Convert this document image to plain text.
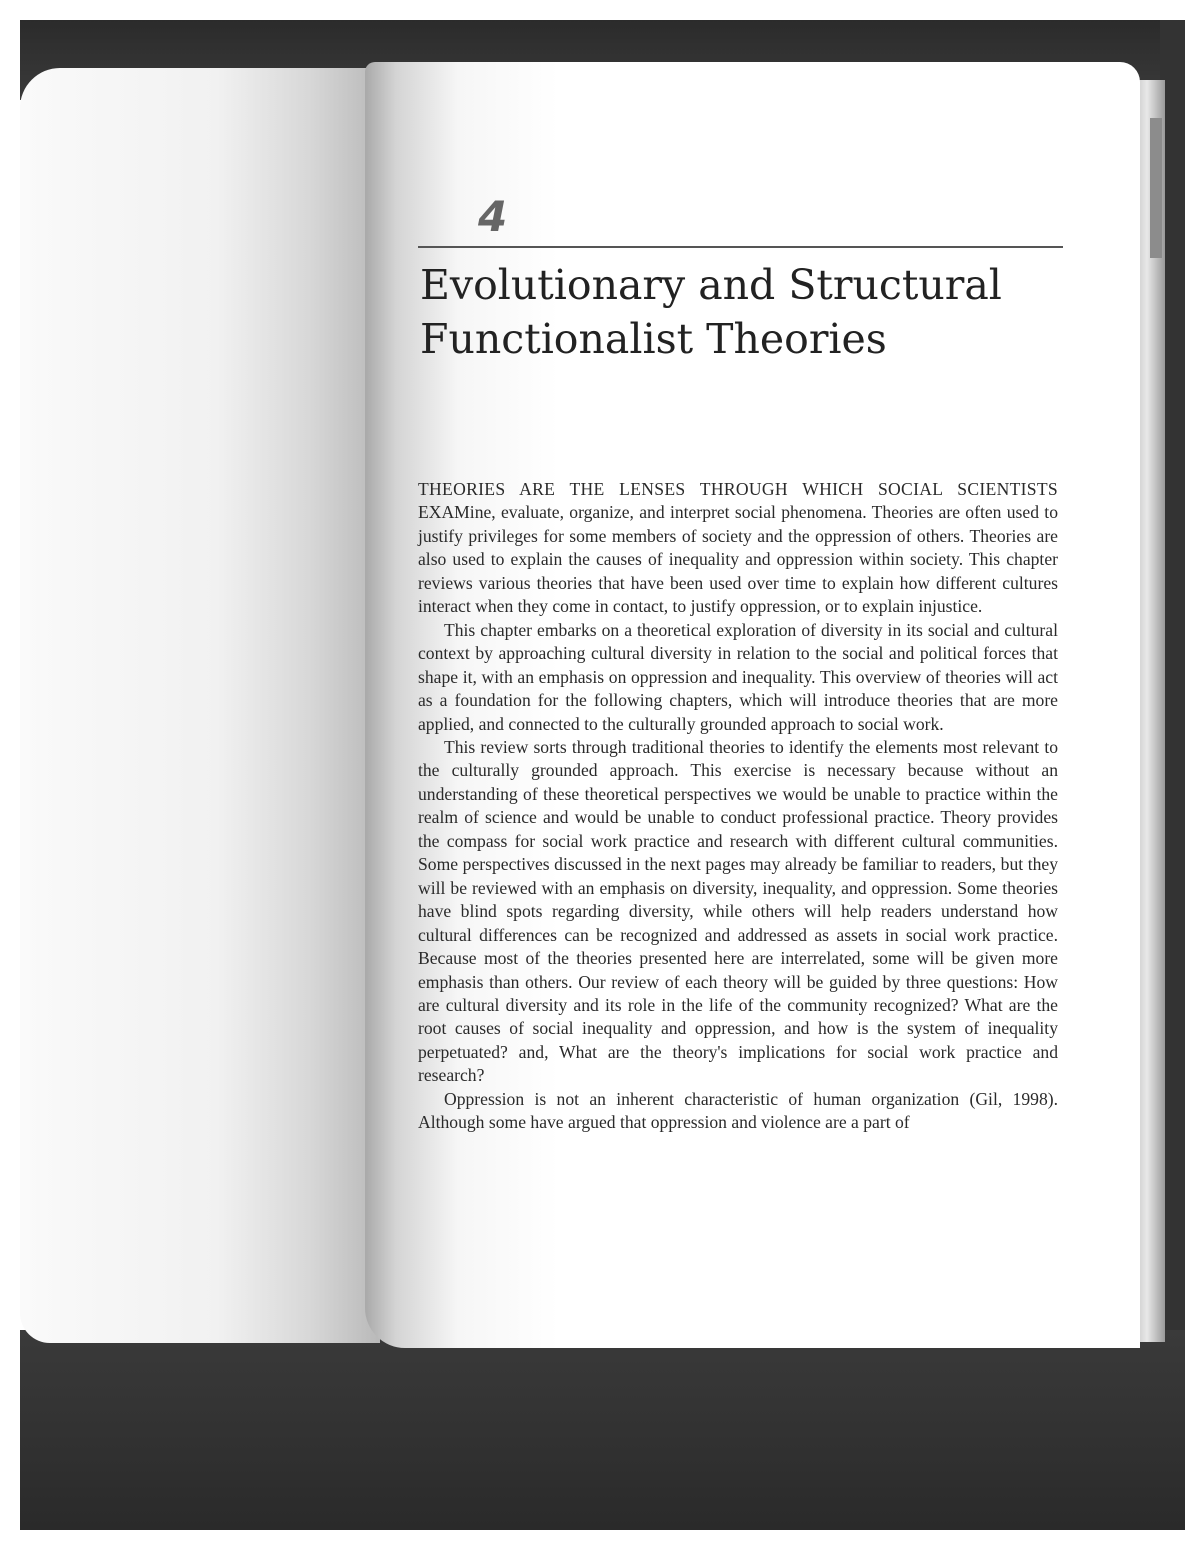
4
Evolutionary and Structural
Functionalist Theories

THEORIES ARE THE LENSES THROUGH WHICH SOCIAL SCIENTISTS EXAMine, evaluate, organize, and interpret social phenomena. Theories are often used to justify privileges for some members of society and the oppression of others. Theories are also used to explain the causes of inequality and oppression within society. This chapter reviews various theories that have been used over time to explain how different cultures interact when they come in contact, to justify oppression, or to explain injustice.

This chapter embarks on a theoretical exploration of diversity in its social and cultural context by approaching cultural diversity in relation to the social and political forces that shape it, with an emphasis on oppression and inequality. This overview of theories will act as a foundation for the following chapters, which will introduce theories that are more applied, and connected to the culturally grounded approach to social work.

This review sorts through traditional theories to identify the elements most relevant to the culturally grounded approach. This exercise is necessary because without an understanding of these theoretical perspectives we would be unable to practice within the realm of science and would be unable to conduct professional practice. Theory provides the compass for social work practice and research with different cultural communities. Some perspectives discussed in the next pages may already be familiar to readers, but they will be reviewed with an emphasis on diversity, inequality, and oppression. Some theories have blind spots regarding diversity, while others will help readers understand how cultural differences can be recognized and addressed as assets in social work practice. Because most of the theories presented here are interrelated, some will be given more emphasis than others. Our review of each theory will be guided by three questions: How are cultural diversity and its role in the life of the community recognized? What are the root causes of social inequality and oppression, and how is the system of inequality perpetuated? and, What are the theory's implications for social work practice and research?

Oppression is not an inherent characteristic of human organization (Gil, 1998). Although some have argued that oppression and violence are a part of
